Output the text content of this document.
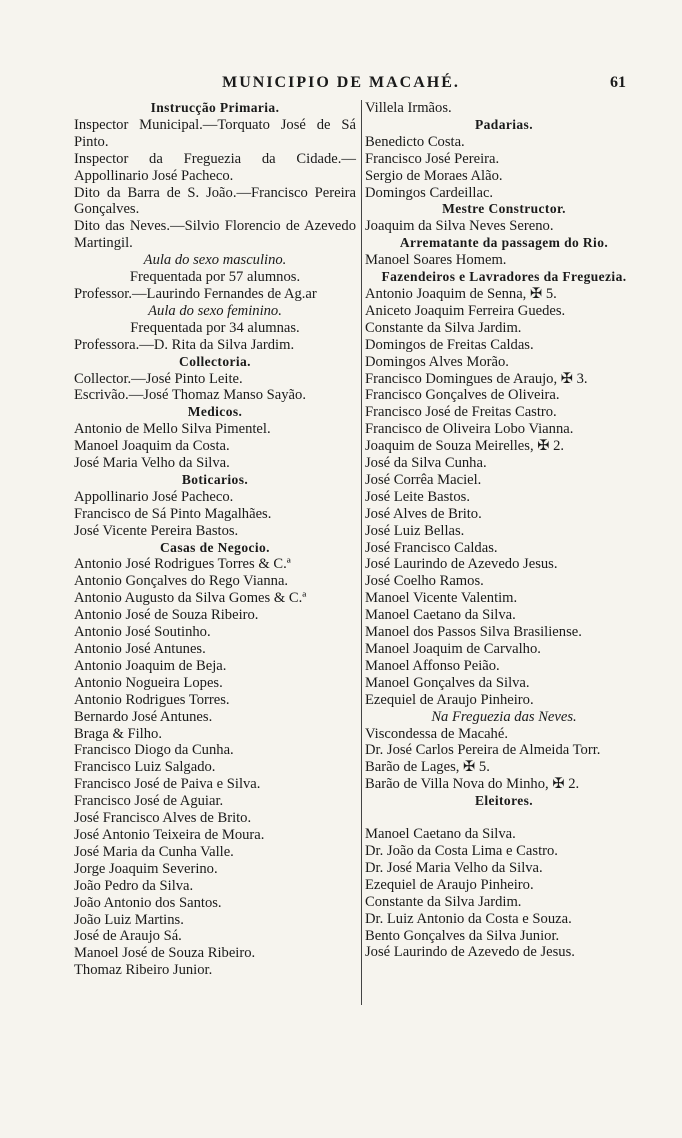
MUNICIPIO DE MACAHÉ.	61
Instrucção Primaria.
Inspector Municipal.—Torquato José de Sá Pinto.
Inspector da Freguezia da Cidade.—Appollinario José Pacheco.
Dito da Barra de S. João.—Francisco Pereira Gonçalves.
Dito das Neves.—Silvio Florencio de Azevedo Martingil.
Aula do sexo masculino.
Frequentada por 57 alumnos.
Professor.—Laurindo Fernandes de Ag.ar
Aula do sexo feminino.
Frequentada por 34 alumnas.
Professora.—D. Rita da Silva Jardim.
Collectoria.
Collector.—José Pinto Leite.
Escrivão.—José Thomaz Manso Sayão.
Medicos.
Antonio de Mello Silva Pimentel.
Manoel Joaquim da Costa.
José Maria Velho da Silva.
Boticarios.
Appollinario José Pacheco.
Francisco de Sá Pinto Magalhães.
José Vicente Pereira Bastos.
Casas de Negocio.
Antonio José Rodrigues Torres & C.ª
Antonio Gonçalves do Rego Vianna.
Antonio Augusto da Silva Gomes & C.ª
Antonio José de Souza Ribeiro.
Antonio José Soutinho.
Antonio José Antunes.
Antonio Joaquim de Beja.
Antonio Nogueira Lopes.
Antonio Rodrigues Torres.
Bernardo José Antunes.
Braga & Filho.
Francisco Diogo da Cunha.
Francisco Luiz Salgado.
Francisco José de Paiva e Silva.
Francisco José de Aguiar.
José Francisco Alves de Brito.
José Antonio Teixeira de Moura.
José Maria da Cunha Valle.
Jorge Joaquim Severino.
João Pedro da Silva.
João Antonio dos Santos.
João Luiz Martins.
José de Araujo Sá.
Manoel José de Souza Ribeiro.
Thomaz Ribeiro Junior.
Villela Irmãos.
Padarias.
Benedicto Costa.
Francisco José Pereira.
Sergio de Moraes Alão.
Domingos Cardeillac.
Mestre Constructor.
Joaquim da Silva Neves Sereno.
Arrematante da passagem do Rio.
Manoel Soares Homem.
Fazendeiros e Lavradores da Freguezia.
Antonio Joaquim de Senna, ✠ 5.
Aniceto Joaquim Ferreira Guedes.
Constante da Silva Jardim.
Domingos de Freitas Caldas.
Domingos Alves Morão.
Francisco Domingues de Araujo, ✠ 3.
Francisco Gonçalves de Oliveira.
Francisco José de Freitas Castro.
Francisco de Oliveira Lobo Vianna.
Joaquim de Souza Meirelles, ✠ 2.
José da Silva Cunha.
José Corrêa Maciel.
José Leite Bastos.
José Alves de Brito.
José Luiz Bellas.
José Francisco Caldas.
José Laurindo de Azevedo Jesus.
José Coelho Ramos.
Manoel Vicente Valentim.
Manoel Caetano da Silva.
Manoel dos Passos Silva Brasiliense.
Manoel Joaquim de Carvalho.
Manoel Affonso Peião.
Manoel Gonçalves da Silva.
Ezequiel de Araujo Pinheiro.
Na Freguezia das Neves.
Viscondessa de Macahé.
Dr. José Carlos Pereira de Almeida Torr.
Barão de Lages, ✠ 5.
Barão de Villa Nova do Minho, ✠ 2.
Eleitores.
Manoel Caetano da Silva.
Dr. João da Costa Lima e Castro.
Dr. José Maria Velho da Silva.
Ezequiel de Araujo Pinheiro.
Constante da Silva Jardim.
Dr. Luiz Antonio da Costa e Souza.
Bento Gonçalves da Silva Junior.
José Laurindo de Azevedo de Jesus.
